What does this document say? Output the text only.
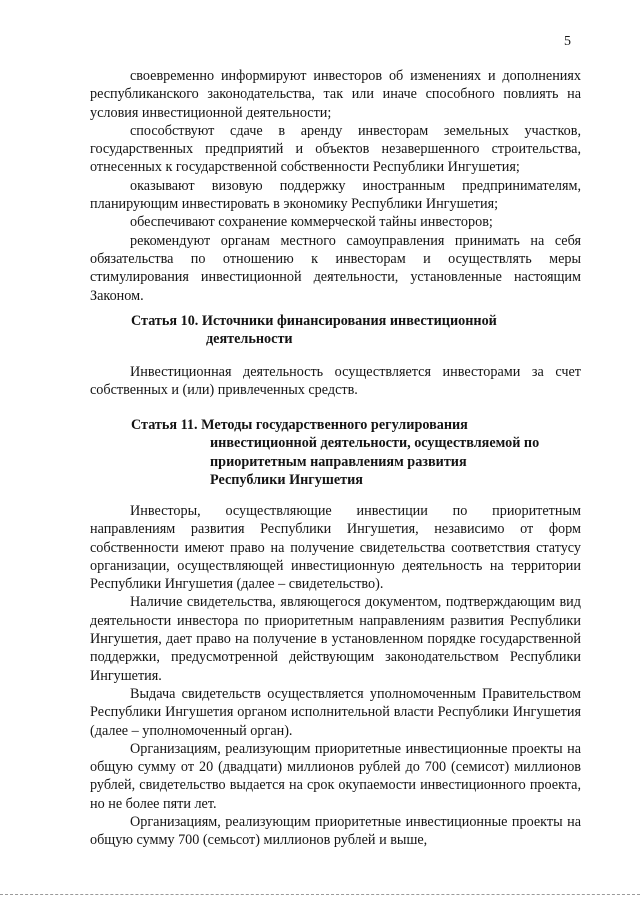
5

своевременно информируют инвесторов об изменениях и дополнениях республиканского законодательства, так или иначе способного повлиять на условия инвестиционной деятельности;

способствуют сдаче в аренду инвесторам земельных участков, государственных предприятий и объектов незавершенного строительства, отнесенных к государственной собственности Республики Ингушетия;

оказывают визовую поддержку иностранным предпринимателям, планирующим инвестировать в экономику Республики Ингушетия;

обеспечивают сохранение коммерческой тайны инвесторов;

рекомендуют органам местного самоуправления принимать на себя обязательства по отношению к инвесторам и осуществлять меры стимулирования инвестиционной деятельности, установленные настоящим Законом.

Статья 10. Источники финансирования инвестиционной
деятельности

Инвестиционная деятельность осуществляется инвесторами за счет собственных и (или) привлеченных средств.

Статья 11. Методы государственного регулирования
инвестиционной деятельности, осуществляемой по
приоритетным направлениям развития
Республики Ингушетия

Инвесторы, осуществляющие инвестиции по приоритетным направлениям развития Республики Ингушетия, независимо от форм собственности имеют право на получение свидетельства соответствия статусу организации, осуществляющей инвестиционную деятельность на территории Республики Ингушетия (далее – свидетельство).

Наличие свидетельства, являющегося документом, подтверждающим вид деятельности инвестора по приоритетным направлениям развития Республики Ингушетия, дает право на получение в установленном порядке государственной поддержки, предусмотренной действующим законодательством Республики Ингушетия.

Выдача свидетельств осуществляется уполномоченным Правительством Республики Ингушетия органом исполнительной власти Республики Ингушетия (далее – уполномоченный орган).

Организациям, реализующим приоритетные инвестиционные проекты на общую сумму от 20 (двадцати) миллионов рублей до 700 (семисот) миллионов рублей, свидетельство выдается на срок окупаемости инвестиционного проекта, но не более пяти лет.

Организациям, реализующим приоритетные инвестиционные проекты на общую сумму 700 (семьсот) миллионов рублей и выше,
